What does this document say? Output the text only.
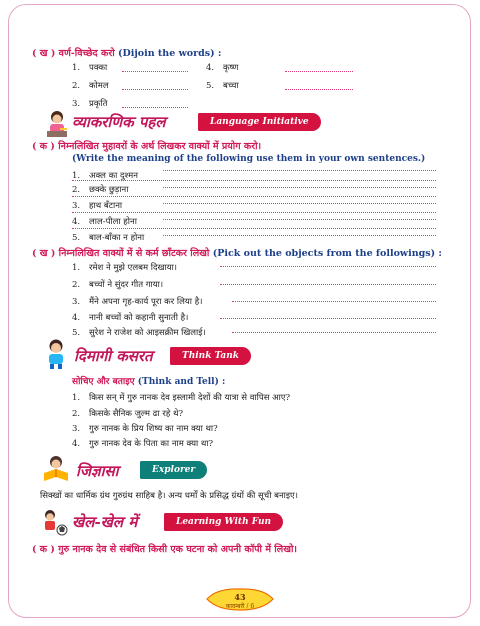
( ख ) वर्ण-विच्छेद करो (Dijoin the words) :
1. पक्का
2. कोमल
3. प्रकृति
4. कृष्ण
5. बच्चा
व्याकरणिक पहल	Language Initiative
( क ) निम्नलिखित मुहावरों के अर्थ लिखकर वाक्यों में प्रयोग करो।
(Write the meaning of the following use them in your own sentences.)
1. अक्ल का दुश्मन
2. छक्के छुड़ाना
3. हाथ बँटाना
4. लाल-पीला होना
5. बाल-बाँका न होना
( ख ) निम्नलिखित वाक्यों में से कर्म छाँटकर लिखो (Pick out the objects from the followings) :
1. रमेश ने मुझे एलबम दिखाया।
2. बच्चों ने सुंदर गीत गाया।
3. मैंने अपना गृह-कार्य पूरा कर लिया है।
4. नानी बच्चों को कहानी सुनाती है।
5. सुरेश ने राजेश को आइसक्रीम खिलाई।
दिमागी कसरत	Think Tank
सोचिए और बताइए (Think and Tell) :
1. किस सन् में गुरु नानक देव इस्लामी देशों की यात्रा से वापिस आए?
2. किसके सैनिक जुल्म ढा रहे थे?
3. गुरु नानक के प्रिय शिष्य का नाम क्या था?
4. गुरु नानक देव के पिता का नाम क्या था?
जिज्ञासा	Explorer
सिक्खों का धार्मिक ग्रंथ गुरुग्रंथ साहिब है। अन्य धर्मों के प्रसिद्ध ग्रंथों की सूची बनाइए।
खेल-खेल में	Learning With Fun
( क ) गुरु नानक देव से संबंधित किसी एक घटना को अपनी कॉपी में लिखो।
43
कादम्बरी / 6
